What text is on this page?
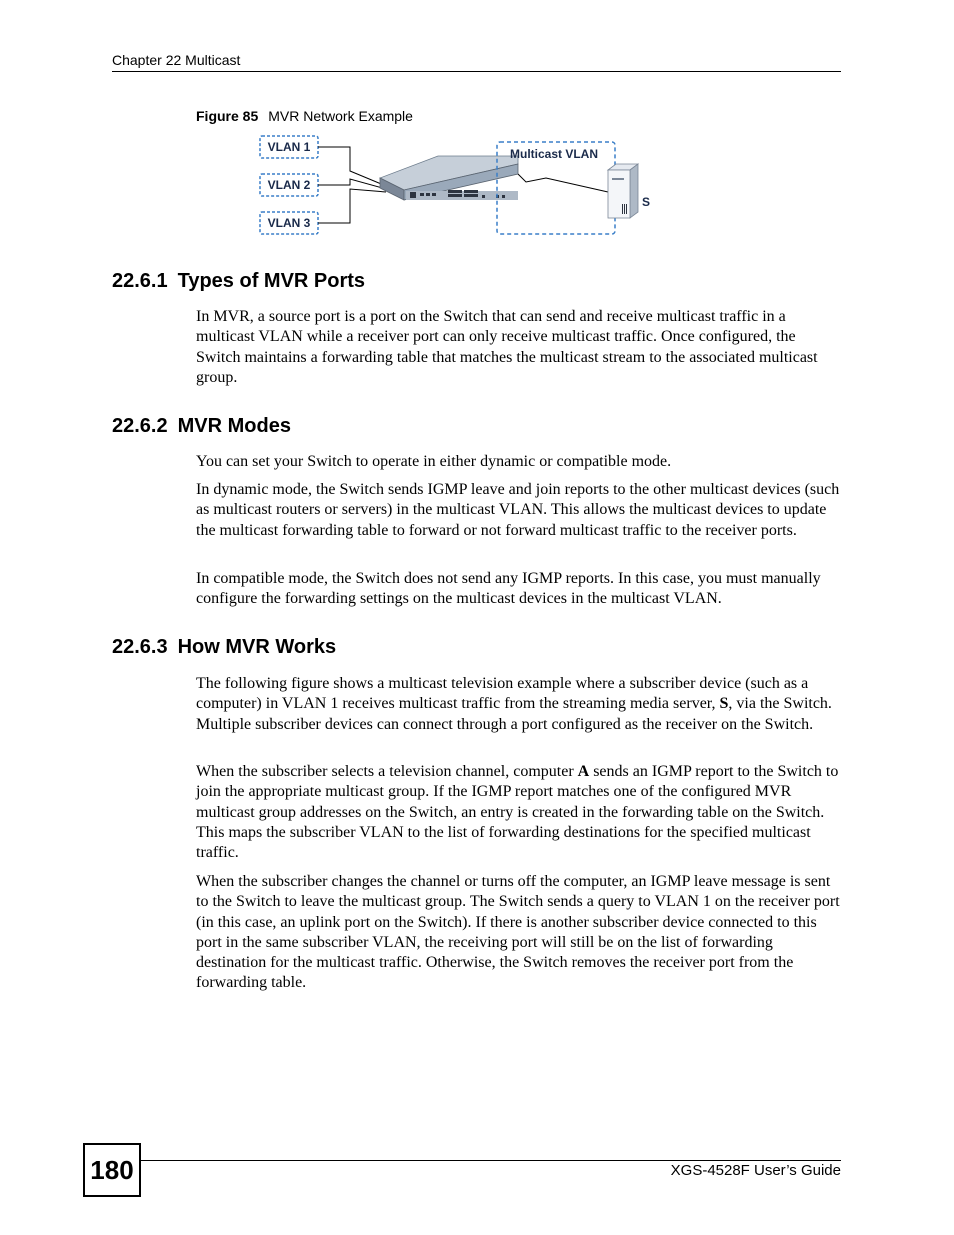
Chapter 22 Multicast
Figure 85 MVR Network Example
VLAN 1
VLAN 2
VLAN 3
Multicast VLAN
S
22.6.1 Types of MVR Ports

In MVR, a source port is a port on the Switch that can send and receive multicast traffic in a multicast VLAN while a receiver port can only receive multicast traffic. Once configured, the Switch maintains a forwarding table that matches the multicast stream to the associated multicast group.

22.6.2 MVR Modes

You can set your Switch to operate in either dynamic or compatible mode.

In dynamic mode, the Switch sends IGMP leave and join reports to the other multicast devices (such as multicast routers or servers) in the multicast VLAN. This allows the multicast devices to update the multicast forwarding table to forward or not forward multicast traffic to the receiver ports.

In compatible mode, the Switch does not send any IGMP reports. In this case, you must manually configure the forwarding settings on the multicast devices in the multicast VLAN.

22.6.3 How MVR Works

The following figure shows a multicast television example where a subscriber device (such as a computer) in VLAN 1 receives multicast traffic from the streaming media server, S, via the Switch. Multiple subscriber devices can connect through a port configured as the receiver on the Switch.

When the subscriber selects a television channel, computer A sends an IGMP report to the Switch to join the appropriate multicast group. If the IGMP report matches one of the configured MVR multicast group addresses on the Switch, an entry is created in the forwarding table on the Switch. This maps the subscriber VLAN to the list of forwarding destinations for the specified multicast traffic.

When the subscriber changes the channel or turns off the computer, an IGMP leave message is sent to the Switch to leave the multicast group. The Switch sends a query to VLAN 1 on the receiver port (in this case, an uplink port on the Switch). If there is another subscriber device connected to this port in the same subscriber VLAN, the receiving port will still be on the list of forwarding destination for the multicast traffic. Otherwise, the Switch removes the receiver port from the forwarding table.

180	XGS-4528F User’s Guide
